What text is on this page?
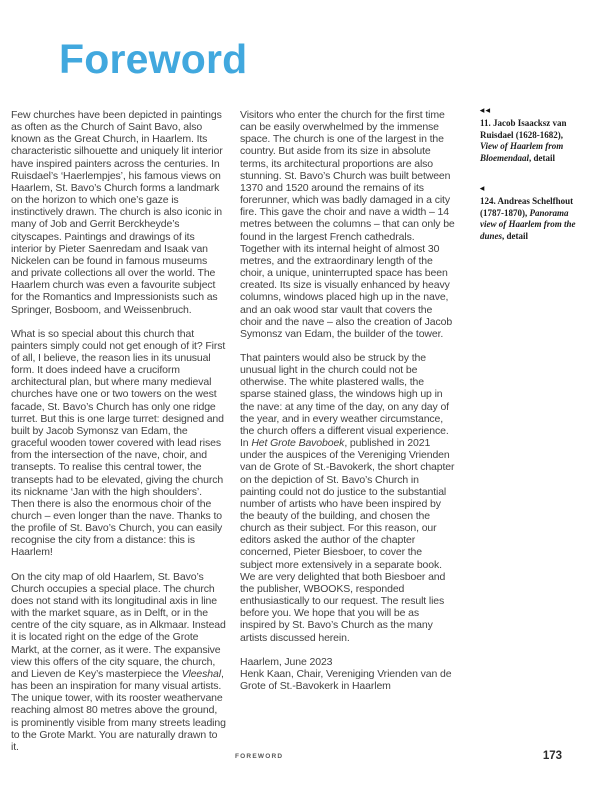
Foreword

Few churches have been depicted in paintings as often as the Church of Saint Bavo, also known as the Great Church, in Haarlem. Its characteristic silhouette and uniquely lit interior have inspired painters across the centuries. In Ruisdael’s ‘Haerlempjes’, his famous views on Haarlem, St. Bavo’s Church forms a landmark on the horizon to which one’s gaze is instinctively drawn. The church is also iconic in many of Job and Gerrit Berckheyde’s cityscapes. Paintings and drawings of its interior by Pieter Saenredam and Isaak van Nickelen can be found in famous museums and private collections all over the world. The Haarlem church was even a favourite subject for the Romantics and Impressionists such as Springer, Bosboom, and Weissenbruch.

What is so special about this church that painters simply could not get enough of it? First of all, I believe, the reason lies in its unusual form. It does indeed have a cruciform architectural plan, but where many medieval churches have one or two towers on the west facade, St. Bavo’s Church has only one ridge turret. But this is one large turret: designed and built by Jacob Symonsz van Edam, the graceful wooden tower covered with lead rises from the intersection of the nave, choir, and transepts. To realise this central tower, the transepts had to be elevated, giving the church its nickname ‘Jan with the high shoulders’. Then there is also the enormous choir of the church – even longer than the nave. Thanks to the profile of St. Bavo’s Church, you can easily recognise the city from a distance: this is Haarlem!

On the city map of old Haarlem, St. Bavo’s Church occupies a special place. The church does not stand with its longitudinal axis in line with the market square, as in Delft, or in the centre of the city square, as in Alkmaar. Instead it is located right on the edge of the Grote Markt, at the corner, as it were. The expansive view this offers of the city square, the church, and Lieven de Key’s masterpiece the Vleeshal, has been an inspiration for many visual artists. The unique tower, with its rooster weathervane reaching almost 80 metres above the ground, is prominently visible from many streets leading to the Grote Markt. You are naturally drawn to it.

Visitors who enter the church for the first time can be easily overwhelmed by the immense space. The church is one of the largest in the country. But aside from its size in absolute terms, its architectural proportions are also stunning. St. Bavo’s Church was built between 1370 and 1520 around the remains of its forerunner, which was badly damaged in a city fire. This gave the choir and nave a width – 14 metres between the columns – that can only be found in the largest French cathedrals. Together with its internal height of almost 30 metres, and the extraordinary length of the choir, a unique, uninterrupted space has been created. Its size is visually enhanced by heavy columns, windows placed high up in the nave, and an oak wood star vault that covers the choir and the nave – also the creation of Jacob Symonsz van Edam, the builder of the tower.

That painters would also be struck by the unusual light in the church could not be otherwise. The white plastered walls, the sparse stained glass, the windows high up in the nave: at any time of the day, on any day of the year, and in every weather circumstance, the church offers a different visual experience. In Het Grote Bavoboek, published in 2021 under the auspices of the Vereniging Vrienden van de Grote of St.-Bavokerk, the short chapter on the depiction of St. Bavo’s Church in painting could not do justice to the substantial number of artists who have been inspired by the beauty of the building, and chosen the church as their subject. For this reason, our editors asked the author of the chapter concerned, Pieter Biesboer, to cover the subject more extensively in a separate book. We are very delighted that both Biesboer and the publisher, WBOOKS, responded enthusiastically to our request. The result lies before you. We hope that you will be as inspired by St. Bavo’s Church as the many artists discussed herein.

Haarlem, June 2023

Henk Kaan, Chair, Vereniging Vrienden van de Grote of St.-Bavokerk in Haarlem

◀◀

11. Jacob Isaacksz van Ruisdael (1628-1682), View of Haarlem from Bloemendaal, detail

◀

124. Andreas Schelfhout (1787-1870), Panorama view of Haarlem from the dunes, detail

FOREWORD	173
